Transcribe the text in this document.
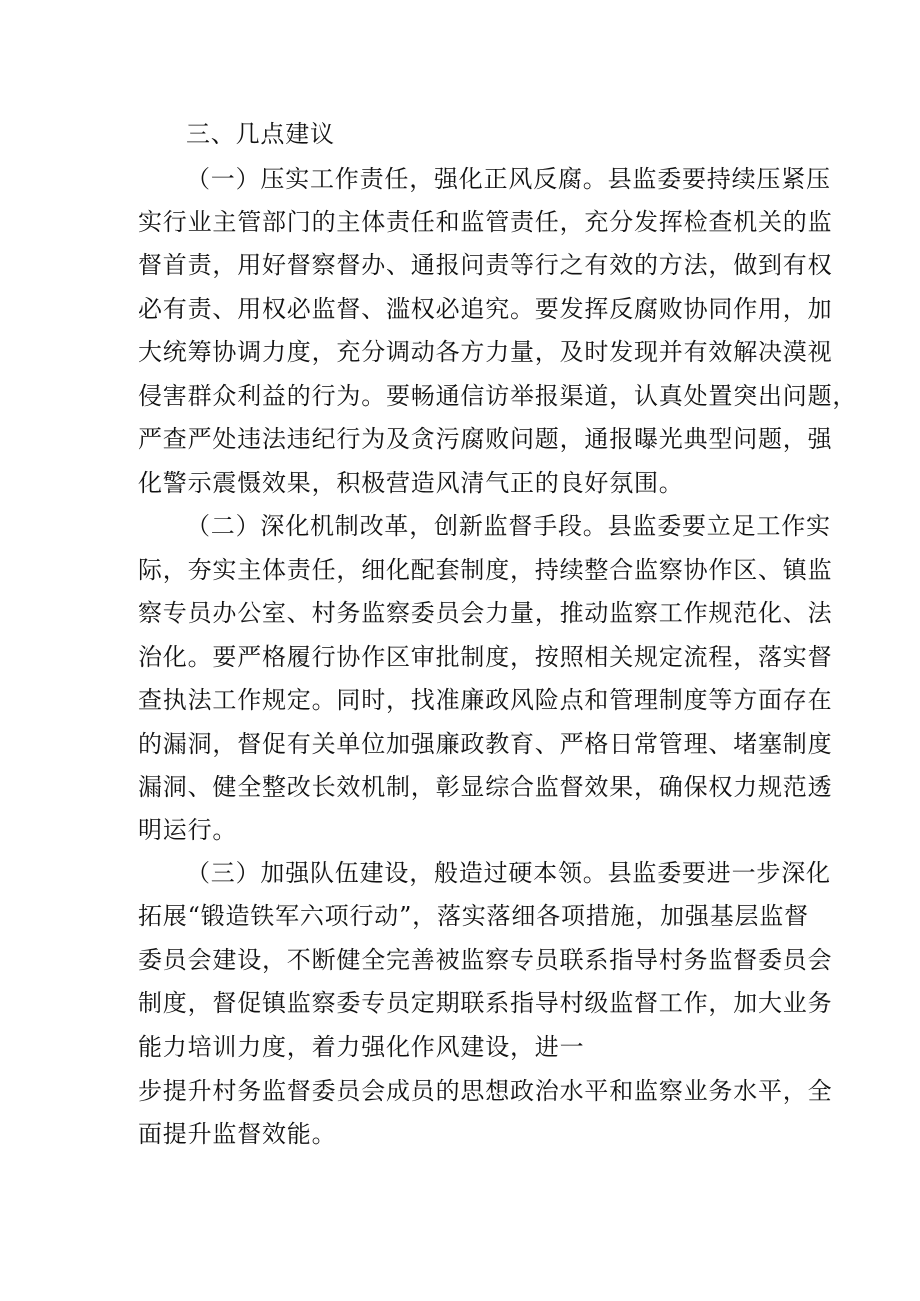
三、几点建议
（一）压实工作责任，强化正风反腐。县监委要持续压紧压
实行业主管部门的主体责任和监管责任，充分发挥检查机关的监
督首责，用好督察督办、通报问责等行之有效的方法，做到有权
必有责、用权必监督、滥权必追究。要发挥反腐败协同作用，加
大统筹协调力度，充分调动各方力量，及时发现并有效解决漠视
侵害群众利益的行为。要畅通信访举报渠道，认真处置突出问题，
严查严处违法违纪行为及贪污腐败问题，通报曝光典型问题，强
化警示震慑效果，积极营造风清气正的良好氛围。
（二）深化机制改革，创新监督手段。县监委要立足工作实
际，夯实主体责任，细化配套制度，持续整合监察协作区、镇监
察专员办公室、村务监察委员会力量，推动监察工作规范化、法
治化。要严格履行协作区审批制度，按照相关规定流程，落实督
查执法工作规定。同时，找准廉政风险点和管理制度等方面存在
的漏洞，督促有关单位加强廉政教育、严格日常管理、堵塞制度
漏洞、健全整改长效机制，彰显综合监督效果，确保权力规范透
明运行。
（三）加强队伍建设，般造过硬本领。县监委要进一步深化
拓展“锻造铁军六项行动”，落实落细各项措施，加强基层监督
委员会建设，不断健全完善被监察专员联系指导村务监督委员会
制度，督促镇监察委专员定期联系指导村级监督工作，加大业务
能力培训力度，着力强化作风建设，进一
步提升村务监督委员会成员的思想政治水平和监察业务水平，全
面提升监督效能。
